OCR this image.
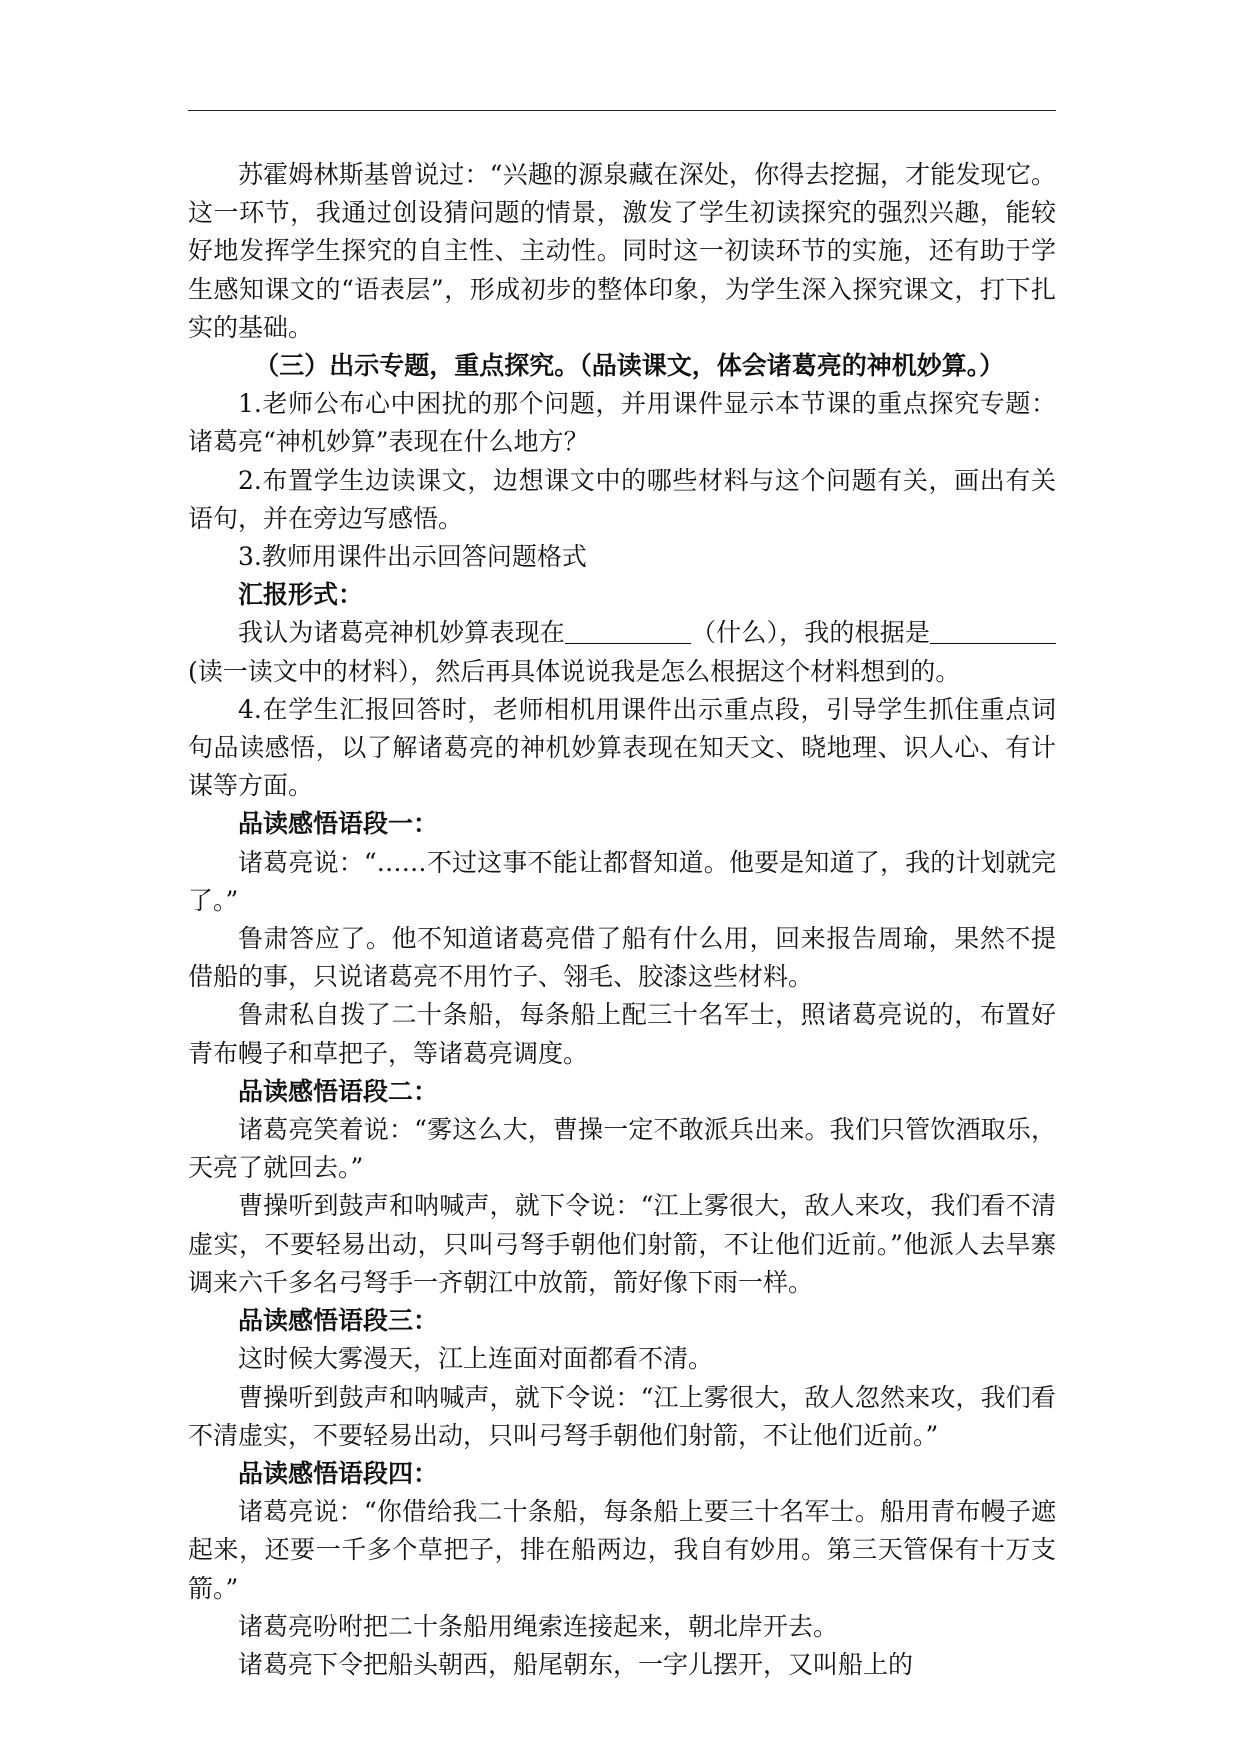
苏霍姆林斯基曾说过：“兴趣的源泉藏在深处，你得去挖掘，才能发现它。这一环节，我通过创设猜问题的情景，激发了学生初读探究的强烈兴趣，能较好地发挥学生探究的自主性、主动性。同时这一初读环节的实施，还有助于学生感知课文的“语表层”，形成初步的整体印象，为学生深入探究课文，打下扎实的基础。

（三）出示专题，重点探究。（品读课文，体会诸葛亮的神机妙算。）

1.老师公布心中困扰的那个问题，并用课件显示本节课的重点探究专题： 诸葛亮“神机妙算”表现在什么地方？

2.布置学生边读课文，边想课文中的哪些材料与这个问题有关，画出有关语句，并在旁边写感悟。

3.教师用课件出示回答问题格式

汇报形式：

我认为诸葛亮神机妙算表现在	（什么），我的根据是(读一读文中的材料），然后再具体说说我是怎么根据这个材料想到的。

4.在学生汇报回答时，老师相机用课件出示重点段，引导学生抓住重点词句品读感悟，以了解诸葛亮的神机妙算表现在知天文、晓地理、识人心、有计谋等方面。

品读感悟语段一：

诸葛亮说：“……不过这事不能让都督知道。他要是知道了，我的计划就完了。”

鲁肃答应了。他不知道诸葛亮借了船有什么用，回来报告周瑜，果然不提借船的事，只说诸葛亮不用竹子、翎毛、胶漆这些材料。

鲁肃私自拨了二十条船，每条船上配三十名军士，照诸葛亮说的，布置好青布幔子和草把子，等诸葛亮调度。

品读感悟语段二：

诸葛亮笑着说：“雾这么大，曹操一定不敢派兵出来。我们只管饮酒取乐，天亮了就回去。”

曹操听到鼓声和呐喊声，就下令说：“江上雾很大，敌人来攻，我们看不清虚实，不要轻易出动，只叫弓弩手朝他们射箭，不让他们近前。”他派人去旱寨调来六千多名弓弩手一齐朝江中放箭，箭好像下雨一样。

品读感悟语段三：

这时候大雾漫天，江上连面对面都看不清。

曹操听到鼓声和呐喊声，就下令说：“江上雾很大，敌人忽然来攻，我们看不清虚实，不要轻易出动，只叫弓弩手朝他们射箭，不让他们近前。”

品读感悟语段四：

诸葛亮说：“你借给我二十条船，每条船上要三十名军士。船用青布幔子遮起来，还要一千多个草把子，排在船两边，我自有妙用。第三天管保有十万支箭。”

诸葛亮吩咐把二十条船用绳索连接起来，朝北岸开去。

诸葛亮下令把船头朝西，船尾朝东，一字儿摆开，又叫船上的
